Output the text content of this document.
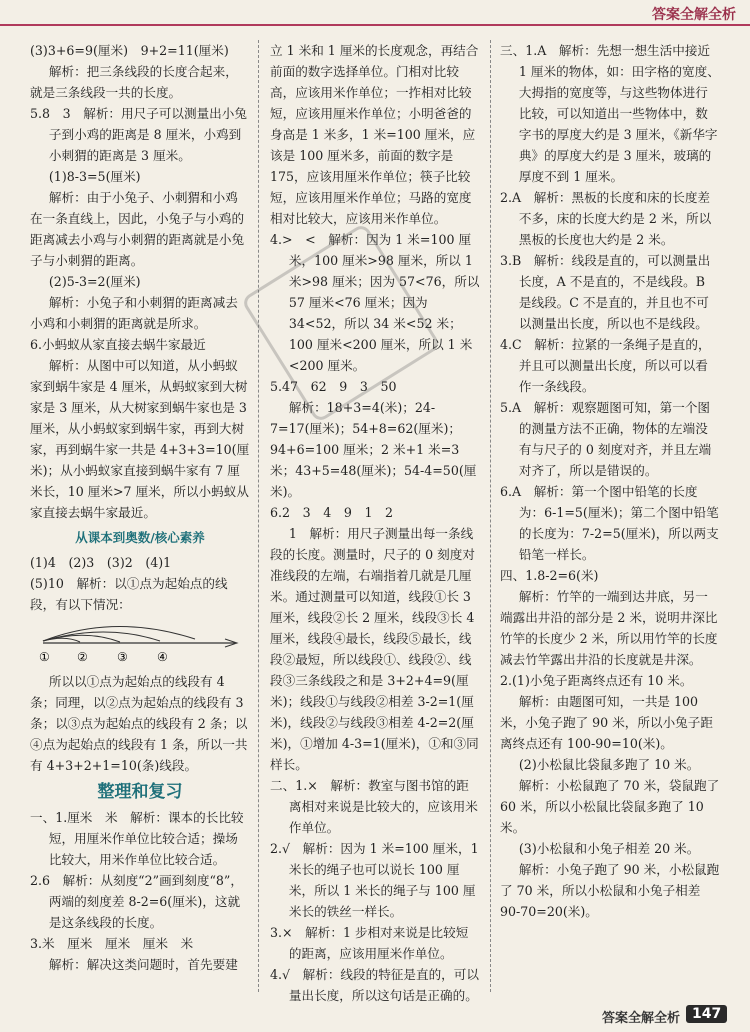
答案全解全析

(3)3+6=9(厘米)　9+2=11(厘米)

解析：把三条线段的长度合起来，就是三条线段一共的长度。

5.8　3　解析：用尺子可以测量出小兔子到小鸡的距离是 8 厘米，小鸡到小刺猬的距离是 3 厘米。

(1)8-3=5(厘米)

解析：由于小兔子、小刺猬和小鸡在一条直线上，因此，小兔子与小鸡的距离减去小鸡与小刺猬的距离就是小兔子与小刺猬的距离。

(2)5-3=2(厘米)

解析：小兔子和小刺猬的距离减去小鸡和小刺猬的距离就是所求。

6.小蚂蚁从家直接去蜗牛家最近

解析：从图中可以知道，从小蚂蚁家到蜗牛家是 4 厘米，从蚂蚁家到大树家是 3 厘米，从大树家到蜗牛家也是 3 厘米，从小蚂蚁家到蜗牛家，再到大树家，再到蜗牛家一共是 4+3+3=10(厘米)；从小蚂蚁家直接到蜗牛家有 7 厘米长，10 厘米>7 厘米，所以小蚂蚁从家直接去蜗牛家最近。

从课本到奥数/核心素养

(1)4　(2)3　(3)2　(4)1

(5)10　解析：以①点为起始点的线段，有以下情况：

① ② ③ ④

所以以①点为起始点的线段有 4 条；同理，以②点为起始点的线段有 3 条；以③点为起始点的线段有 2 条；以④点为起始点的线段有 1 条，所以一共有 4+3+2+1=10(条)线段。

整理和复习

一、1.厘米　米　解析：课本的长比较短，用厘米作单位比较合适；操场比较大，用米作单位比较合适。

2.6　解析：从刻度“2”画到刻度“8”，两端的刻度差 8-2=6(厘米)，这就是这条线段的长度。

3.米　厘米　厘米　厘米　米

解析：解决这类问题时，首先要建

立 1 米和 1 厘米的长度观念，再结合前面的数字选择单位。门相对比较高，应该用米作单位；一拃相对比较短，应该用厘米作单位；小明爸爸的身高是 1 米多，1 米=100 厘米，应该是 100 厘米多，前面的数字是 175，应该用厘米作单位；筷子比较短，应该用厘米作单位；马路的宽度相对比较大，应该用米作单位。

4.>　<　解析：因为 1 米=100 厘米，100 厘米>98 厘米，所以 1 米>98 厘米；因为 57<76，所以 57 厘米<76 厘米；因为 34<52，所以 34 米<52 米；100 厘米<200 厘米，所以 1 米<200 厘米。

5.47　62　9　3　50

解析：18+3=4(米)；24-7=17(厘米)；54+8=62(厘米)；94+6=100 厘米；2 米+1 米=3 米；43+5=48(厘米)；54-4=50(厘米)。

6.2　3　4　9　1　2

1　解析：用尺子测量出每一条线段的长度。测量时，尺子的 0 刻度对准线段的左端，右端指着几就是几厘米。通过测量可以知道，线段①长 3 厘米，线段②长 2 厘米，线段③长 4 厘米，线段④最长，线段⑤最长，线段②最短，所以线段①、线段②、线段③三条线段之和是 3+2+4=9(厘米)；线段①与线段②相差 3-2=1(厘米)，线段②与线段③相差 4-2=2(厘米)，①增加 4-3=1(厘米)，①和③同样长。

二、1.×　解析：教室与图书馆的距离相对来说是比较大的，应该用米作单位。

2.√　解析：因为 1 米=100 厘米，1 米长的绳子也可以说长 100 厘米，所以 1 米长的绳子与 100 厘米长的铁丝一样长。

3.×　解析：1 步相对来说是比较短的距离，应该用厘米作单位。

4.√　解析：线段的特征是直的，可以量出长度，所以这句话是正确的。

三、1.A　解析：先想一想生活中接近 1 厘米的物体，如：田字格的宽度、大拇指的宽度等，与这些物体进行比较，可以知道出一些物体中，数字书的厚度大约是 3 厘米，《新华字典》的厚度大约是 3 厘米，玻璃的厚度不到 1 厘米。

2.A　解析：黑板的长度和床的长度差不多，床的长度大约是 2 米，所以黑板的长度也大约是 2 米。

3.B　解析：线段是直的，可以测量出长度，A 不是直的，不是线段。B 是线段。C 不是直的，并且也不可以测量出长度，所以也不是线段。

4.C　解析：拉紧的一条绳子是直的，并且可以测量出长度，所以可以看作一条线段。

5.A　解析：观察题图可知，第一个图的测量方法不正确，物体的左端没有与尺子的 0 刻度对齐，并且左端对齐了，所以是错误的。

6.A　解析：第一个图中铅笔的长度为：6-1=5(厘米)；第二个图中铅笔的长度为：7-2=5(厘米)，所以两支铅笔一样长。

四、1.8-2=6(米)

解析：竹竿的一端到达井底，另一端露出井沿的部分是 2 米，说明井深比竹竿的长度少 2 米，所以用竹竿的长度减去竹竿露出井沿的长度就是井深。

2.(1)小兔子距离终点还有 10 米。

解析：由题图可知，一共是 100 米，小兔子跑了 90 米，所以小兔子距离终点还有 100-90=10(米)。

(2)小松鼠比袋鼠多跑了 10 米。

解析：小松鼠跑了 70 米，袋鼠跑了 60 米，所以小松鼠比袋鼠多跑了 10 米。

(3)小松鼠和小兔子相差 20 米。

解析：小兔子跑了 90 米，小松鼠跑了 70 米，所以小松鼠和小兔子相差 90-70=20(米)。

答案全解全析 147
